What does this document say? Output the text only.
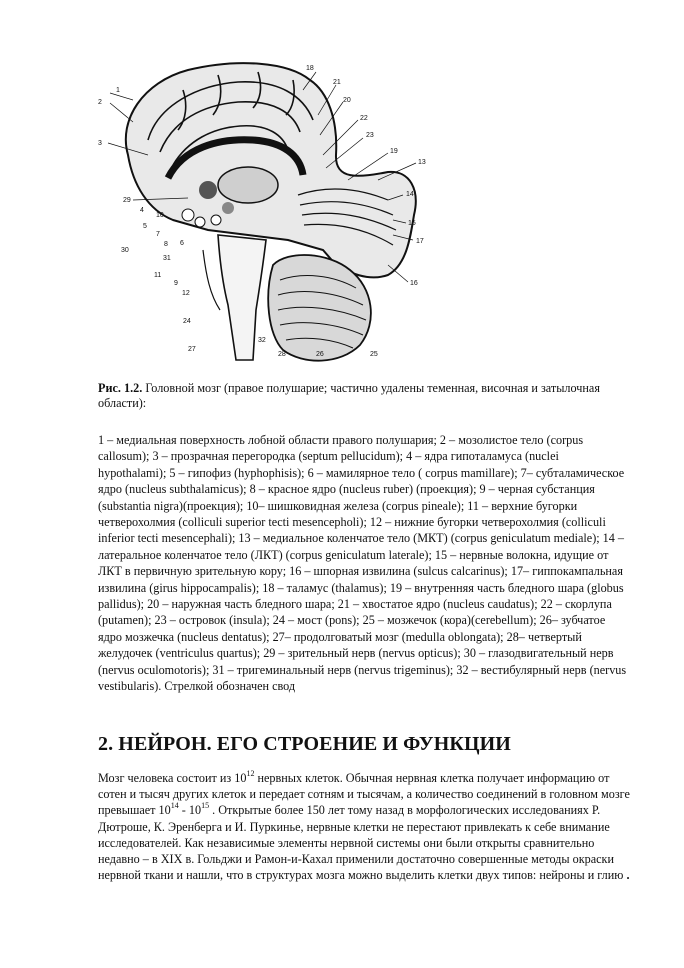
1
2
3
29
4
10
5
30
7
8
31
6
11
9
12
24
27
18
21
20
22
23
19
13
14
15
17
16
32
28	26	25
Рис. 1.2. Головной мозг (правое полушарие; частично удалены теменная, височная и затылочная области):
1 – медиальная поверхность лобной области правого полушария; 2 – мозолистое тело (corpus callosum); 3 – прозрачная перегородка (septum pellucidum); 4 – ядра гипоталамуса (nuclei hypothalami); 5 – гипофиз (hyphophisis); 6 – мамилярное тело ( corpus mamillare); 7– субталамическое ядро (nucleus subthalamicus); 8 – красное ядро (nucleus ruber) (проекция); 9 – черная субстанция (substantia nigra)(проекция); 10– шишковидная железа (corpus pineale); 11 – верхние бугорки четверохолмия (colliculi superior tecti mesencepholi); 12 – нижние бугорки четверохолмия (colliculi inferior tecti mesencephali); 13 – медиальное коленчатое тело (МКТ) (corpus geniculatum mediale); 14 – латеральное коленчатое тело (ЛКТ) (corpus geniculatum laterale); 15 – нервные волокна, идущие от ЛКТ в первичную зрительную кору; 16 – шпорная извилина (sulcus calcarinus); 17– гиппокампальная извилина (girus hippocampalis); 18 – таламус (thalamus); 19 – внутренняя часть бледного шара (globus pallidus); 20 – наружная часть бледного шара; 21 – хвостатое ядро (nucleus caudatus); 22 – скорлупа (putamen); 23 – островок (insula); 24 – мост (pons); 25 – мозжечок (кора)(cerebellum); 26– зубчатое ядро мозжечка (nucleus dentatus); 27– продолговатый мозг (medulla oblongata); 28– четвертый желудочек (ventriculus quartus); 29 – зрительный нерв (nervus opticus); 30 – глазодвигательный нерв (nervus oculomotoris); 31 – тригеминальный нерв (nervus trigeminus); 32 – вестибулярный нерв (nervus vestibularis). Стрелкой обозначен свод
2. НЕЙРОН. ЕГО СТРОЕНИЕ И ФУНКЦИИ
Мозг человека состоит из $10^{12}$ нервных клеток. Обычная нервная клетка получает информацию от сотен и тысяч других клеток и передает сотням и тысячам, а количество соединений в головном мозге превышает $10^{14} - 10^{15}$ . Открытые более 150 лет тому назад в морфологических исследованиях Р. Дютроше, К. Эренберга и И. Пуркинье, нервные клетки не перестают привлекать к себе внимание исследователей. Как независимые элементы нервной системы они были открыты сравнительно недавно – в XIX в. Гольджи и Рамон-и-Кахал применили достаточно совершенные методы окраски нервной ткани и нашли, что в структурах мозга можно выделить клетки двух типов: нейроны и глию .
